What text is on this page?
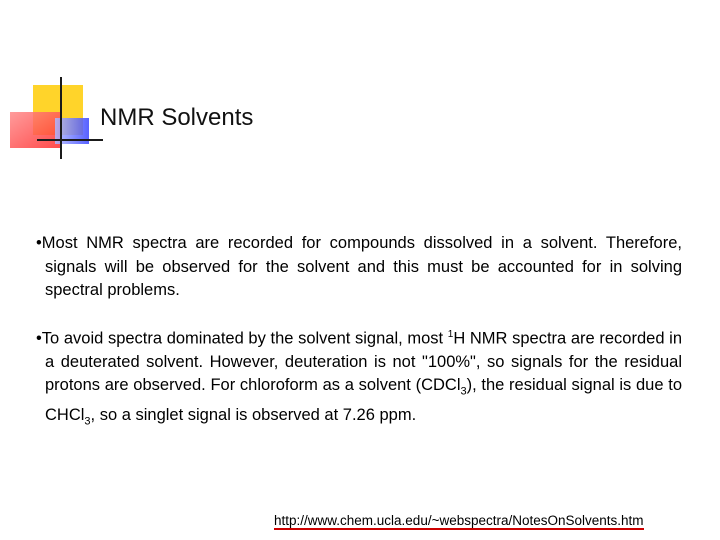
NMR Solvents

•Most NMR spectra are recorded for compounds dissolved in a solvent. Therefore, signals will be observed for the solvent and this must be accounted for in solving spectral problems.

•To avoid spectra dominated by the solvent signal, most $^1$H NMR spectra are recorded in a deuterated solvent. However, deuteration is not "100%", so signals for the residual protons are observed. For chloroform as a solvent (CDCl$_3$), the residual signal is due to CHCl$_3$, so a singlet signal is observed at 7.26 ppm.

http://www.chem.ucla.edu/~webspectra/NotesOnSolvents.htm
